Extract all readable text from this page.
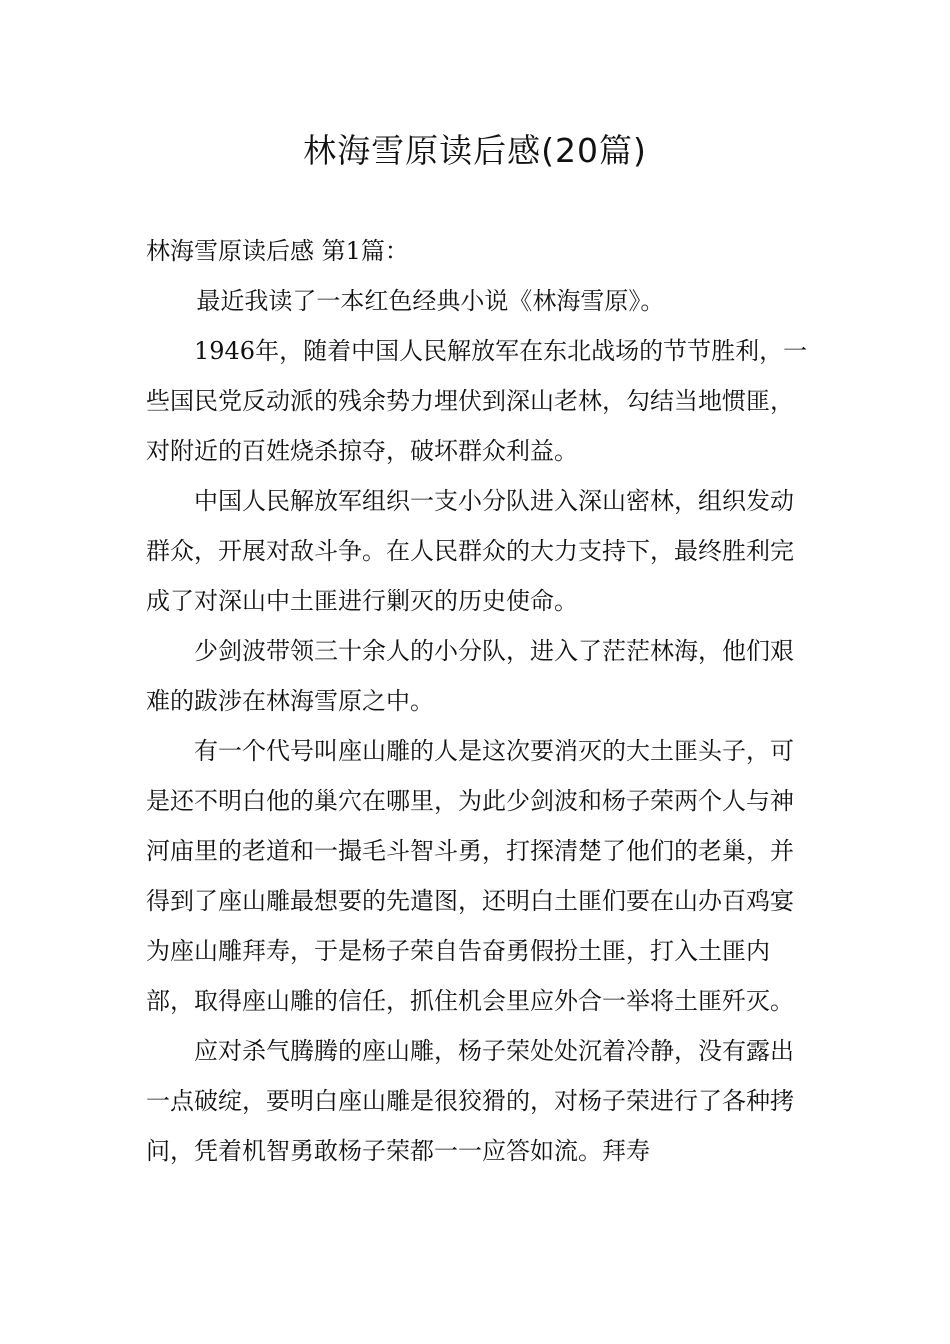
林海雪原读后感(20篇)

林海雪原读后感 第1篇：

最近我读了一本红色经典小说《林海雪原》。

1946年，随着中国人民解放军在东北战场的节节胜利，一些国民党反动派的残余势力埋伏到深山老林，勾结当地惯匪，对附近的百姓烧杀掠夺，破坏群众利益。

中国人民解放军组织一支小分队进入深山密林，组织发动群众，开展对敌斗争。在人民群众的大力支持下，最终胜利完成了对深山中土匪进行剿灭的历史使命。

少剑波带领三十余人的小分队，进入了茫茫林海，他们艰难的跋涉在林海雪原之中。

有一个代号叫座山雕的人是这次要消灭的大土匪头子，可是还不明白他的巢穴在哪里，为此少剑波和杨子荣两个人与神河庙里的老道和一撮毛斗智斗勇，打探清楚了他们的老巢，并得到了座山雕最想要的先遣图，还明白土匪们要在山办百鸡宴为座山雕拜寿，于是杨子荣自告奋勇假扮土匪，打入土匪内部，取得座山雕的信任，抓住机会里应外合一举将土匪歼灭。

应对杀气腾腾的座山雕，杨子荣处处沉着冷静，没有露出一点破绽，要明白座山雕是很狡猾的，对杨子荣进行了各种拷问，凭着机智勇敢杨子荣都一一应答如流。拜寿
